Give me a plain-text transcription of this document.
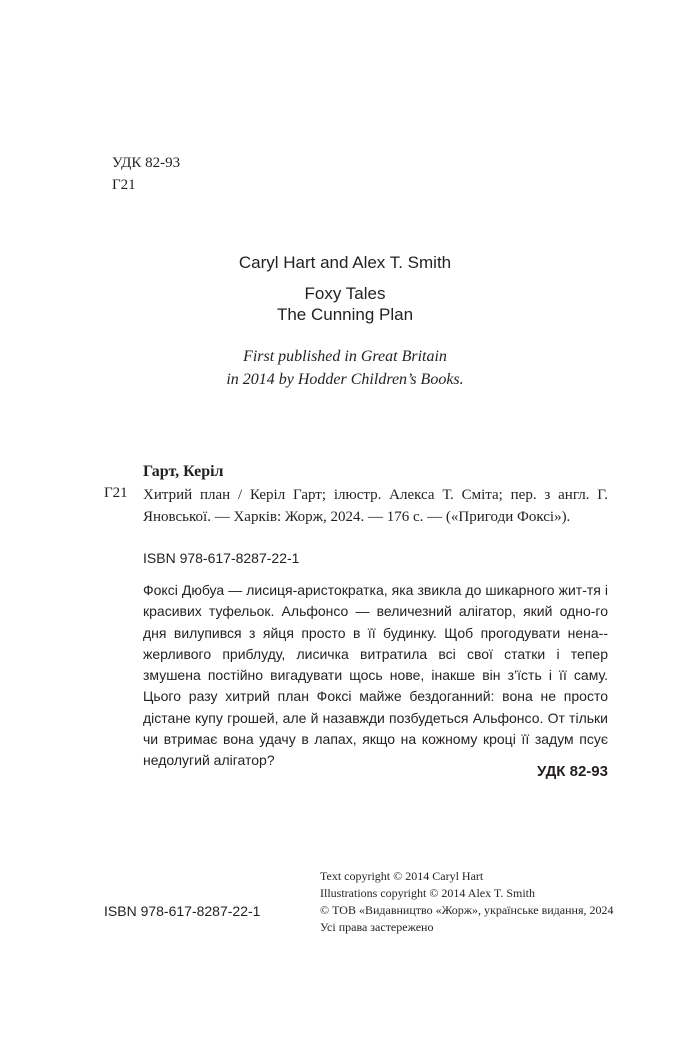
УДК 82-93
Г21
Caryl Hart and Alex T. Smith
Foxy Tales
The Cunning Plan
First published in Great Britain
in 2014 by Hodder Children’s Books.
Гарт, Керіл
Г21 Хитрий план / Керіл Гарт; ілюстр. Алекса Т. Сміта; пер. з англ. Г. Яновської. — Харків: Жорж, 2024. — 176 с. — («Пригоди Фоксі»).
ISBN 978-617-8287-22-1
Фоксі Дюбуа — лисиця-аристократка, яка звикла до шикарного жит-тя і красивих туфельок. Альфонсо — величезний алігатор, який одно-го дня вилупився з яйця просто в її будинку. Щоб прогодувати нена-жерливого приблуду, лисичка витратила всі свої статки і тепер змушена постійно вигадувати щось нове, інакше він з’їсть і її саму. Цього разу хитрий план Фоксі майже бездоганний: вона не просто дістане купу грошей, але й назавжди позбудеться Альфонсо. От тільки чи втримає вона удачу в лапах, якщо на кожному кроці її задум псує недолугий алігатор?
УДК 82-93
ISBN 978-617-8287-22-1
Text copyright © 2014 Caryl Hart
Illustrations copyright © 2014 Alex T. Smith
© ТОВ «Видавництво «Жорж», українське видання, 2024
Усі права застережено
